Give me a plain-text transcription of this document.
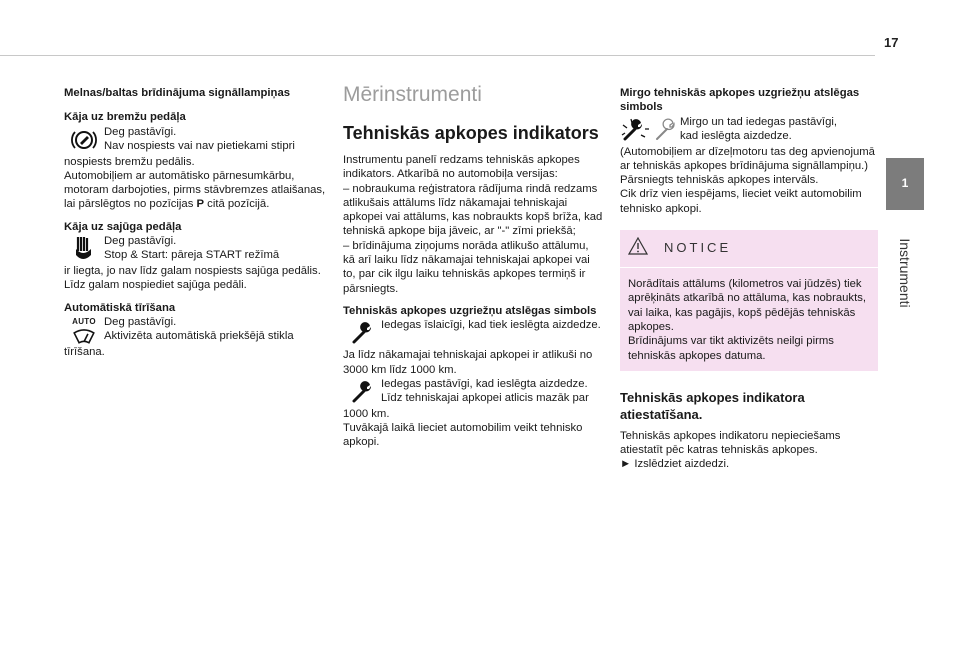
17
1
Instrumenti

Melnas/baltas brīdinājuma signāllampiņas

Kāja uz bremžu pedāļa

Deg pastāvīgi.

Nav nospiests vai nav pietiekami stipri

nospiests bremžu pedālis.

Automobiļiem ar automātisko pārnesumkārbu, motoram darbojoties, pirms stāvbremzes atlaišanas, lai pārslēgtos no pozīcijas P citā pozīcijā.

Kāja uz sajūga pedāļa

Deg pastāvīgi.

Stop & Start: pāreja START režīmā

ir liegta, jo nav līdz galam nospiests sajūga pedālis.

Līdz galam nospiediet sajūga pedāli.

Automātiskā tīrīšana

AUTO Deg pastāvīgi.

Aktivizēta automātiskā priekšējā stikla

tīrīšana.

Mērinstrumenti

Tehniskās apkopes indikators

Instrumentu panelī redzams tehniskās apkopes indikators. Atkarībā no automobiļa versijas:

– nobraukuma reģistratora rādījuma rindā redzams atlikušais attālums līdz nākamajai tehniskajai apkopei vai attālums, kas nobraukts kopš brīža, kad tehniskā apkope bija jāveic, ar "-" zīmi priekšā;

– brīdinājuma ziņojums norāda atlikušo attālumu, kā arī laiku līdz nākamajai tehniskajai apkopei vai to, par cik ilgu laiku tehniskās apkopes termiņš ir pārsniegts.

Tehniskās apkopes uzgriežņu atslēgas simbols

Iedegas īslaicīgi, kad tiek ieslēgta aizdedze.

Ja līdz nākamajai tehniskajai apkopei ir atlikuši no 3000 km līdz 1000 km.

Iedegas pastāvīgi, kad ieslēgta aizdedze.

Līdz tehniskajai apkopei atlicis mazāk par

1000 km.

Tuvākajā laikā lieciet automobilim veikt tehnisko apkopi.

Mirgo tehniskās apkopes uzgriežņu atslēgas simbols

Mirgo un tad iedegas pastāvīgi,

kad ieslēgta aizdedze.

(Automobiļiem ar dīzeļmotoru tas deg apvienojumā ar tehniskās apkopes brīdinājuma signāllampiņu.)

Pārsniegts tehniskās apkopes intervāls.

Cik drīz vien iespējams, lieciet veikt automobilim tehnisko apkopi.

NOTICE

Norādītais attālums (kilometros vai jūdzēs) tiek aprēķināts atkarībā no attāluma, kas nobraukts, vai laika, kas pagājis, kopš pēdējās tehniskās apkopes.

Brīdinājums var tikt aktivizēts neilgi pirms tehniskās apkopes datuma.

Tehniskās apkopes indikatora atiestatīšana.

Tehniskās apkopes indikatoru nepieciešams atiestatīt pēc katras tehniskās apkopes.

► Izslēdziet aizdedzi.
